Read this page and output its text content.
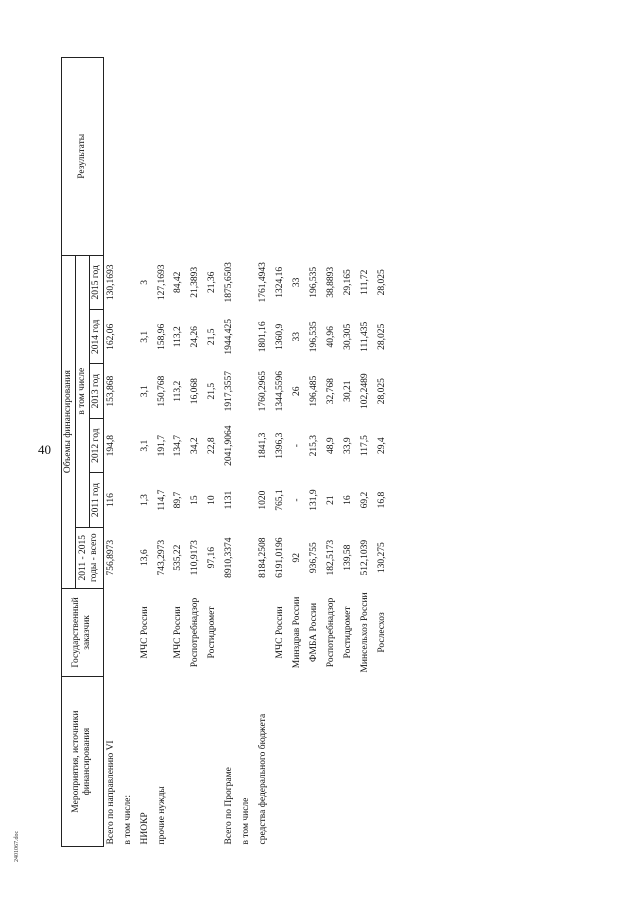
40
Мероприятия, источники финансирования	Государственный заказчик	Объемы финансирования						Результаты
		2011 - 2015 годы - всего	в том числе					
			2011 год	2012 год	2013 год	2014 год	2015 год	
Всего по направлению VI		756,8973	116	194,8	153,868	162,06	130,1693	
в том числе:								
НИОКР	МЧС России	13,6	1,3	3,1	3,1	3,1	3	
прочие нужды		743,2973	114,7	191,7	150,768	158,96	127,1693	
	МЧС России	535,22	89,7	134,7	113,2	113,2	84,42	
	Роспотребнадзор	110,9173	15	34,2	16,068	24,26	21,3893	
	Ростидромет	97,16	10	22,8	21,5	21,5	21,36	
Всего по Програме		8910,3374	1131	2041,9064	1917,3557	1944,425	1875,6503	
в том числе								
средства федерального бюджета		8184,2508	1020	1841,3	1760,2965	1801,16	1761,4943	
	МЧС России	6191,0196	765,1	1396,3	1344,5596	1360,9	1324,16	
	Минздрав России	92	-	-	26	33	33	
	ФМБА России	936,755	131,9	215,3	196,485	196,535	196,535	
	Роспотребнадзор	182,5173	21	48,9	32,768	40,96	38,8893	
	Ростидромет	139,58	16	33,9	30,21	30,305	29,165	
	Минсельхоз России	512,1039	69,2	117,5	102,2489	111,435	111,72	
	Рослесхоз	130,275	16,8	29,4	28,025	28,025	28,025	
2401067.doc
